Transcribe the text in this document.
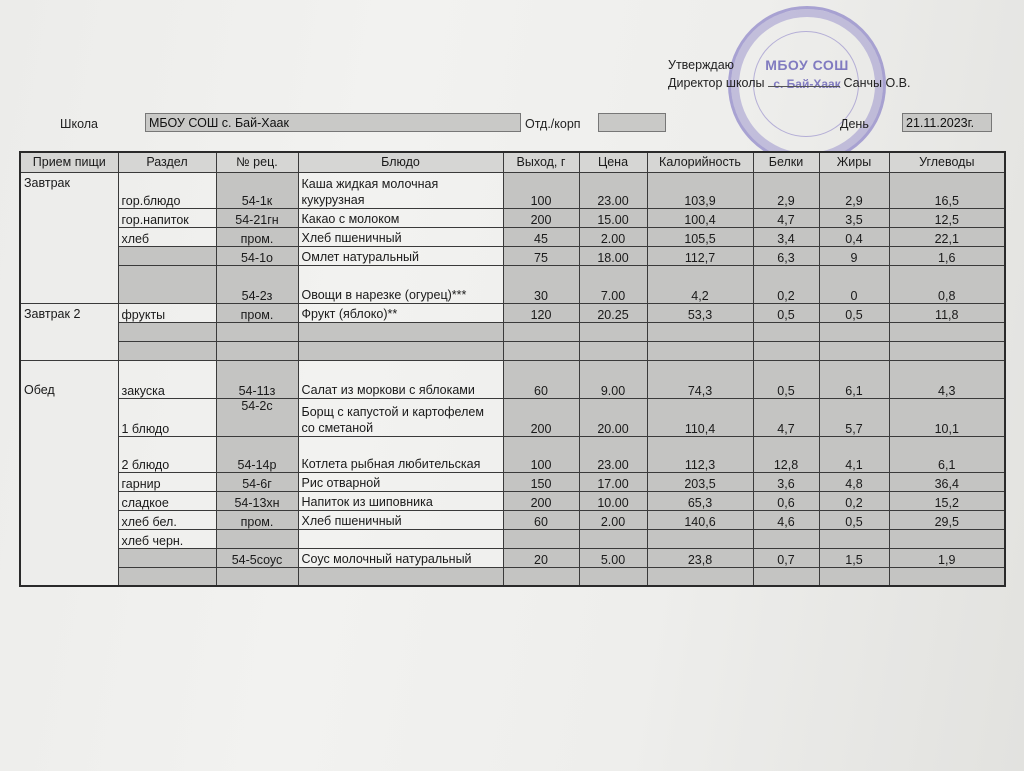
МБОУ СОШ
с. Бай-Хаак
Утверждаю
Директор школы	Санчы О.В.
Школа	МБОУ СОШ с. Бай-Хаак	Отд./корп	День	21.11.2023г.
Прием пищи	Раздел	№ рец.	Блюдо	Выход, г	Цена	Калорийность	Белки	Жиры	Углеводы
Завтрак	гор.блюдо	54-1к	Каша жидкая молочная кукурузная	100	23.00	103,9	2,9	2,9	16,5
	гор.напиток	54-21гн	Какао с молоком	200	15.00	100,4	4,7	3,5	12,5
	хлеб	пром.	Хлеб пшеничный	45	2.00	105,5	3,4	0,4	22,1
		54-1о	Омлет натуральный	75	18.00	112,7	6,3	9	1,6
		54-2з	Овощи в нарезке (огурец)***	30	7.00	4,2	0,2	0	0,8
Завтрак 2	фрукты	пром.	Фрукт (яблоко)**	120	20.25	53,3	0,5	0,5	11,8

Обед	закуска	54-11з	Салат из моркови с яблоками	60	9.00	74,3	0,5	6,1	4,3
	1 блюдо	54-2с	Борщ с капустой и картофелем со сметаной	200	20.00	110,4	4,7	5,7	10,1
	2 блюдо	54-14р	Котлета рыбная любительская	100	23.00	112,3	12,8	4,1	6,1
	гарнир	54-6г	Рис отварной	150	17.00	203,5	3,6	4,8	36,4
	сладкое	54-13хн	Напиток из шиповника	200	10.00	65,3	0,6	0,2	15,2
	хлеб бел.	пром.	Хлеб пшеничный	60	2.00	140,6	4,6	0,5	29,5
	хлеб черн.								
		54-5соус	Соус молочный натуральный	20	5.00	23,8	0,7	1,5	1,9
